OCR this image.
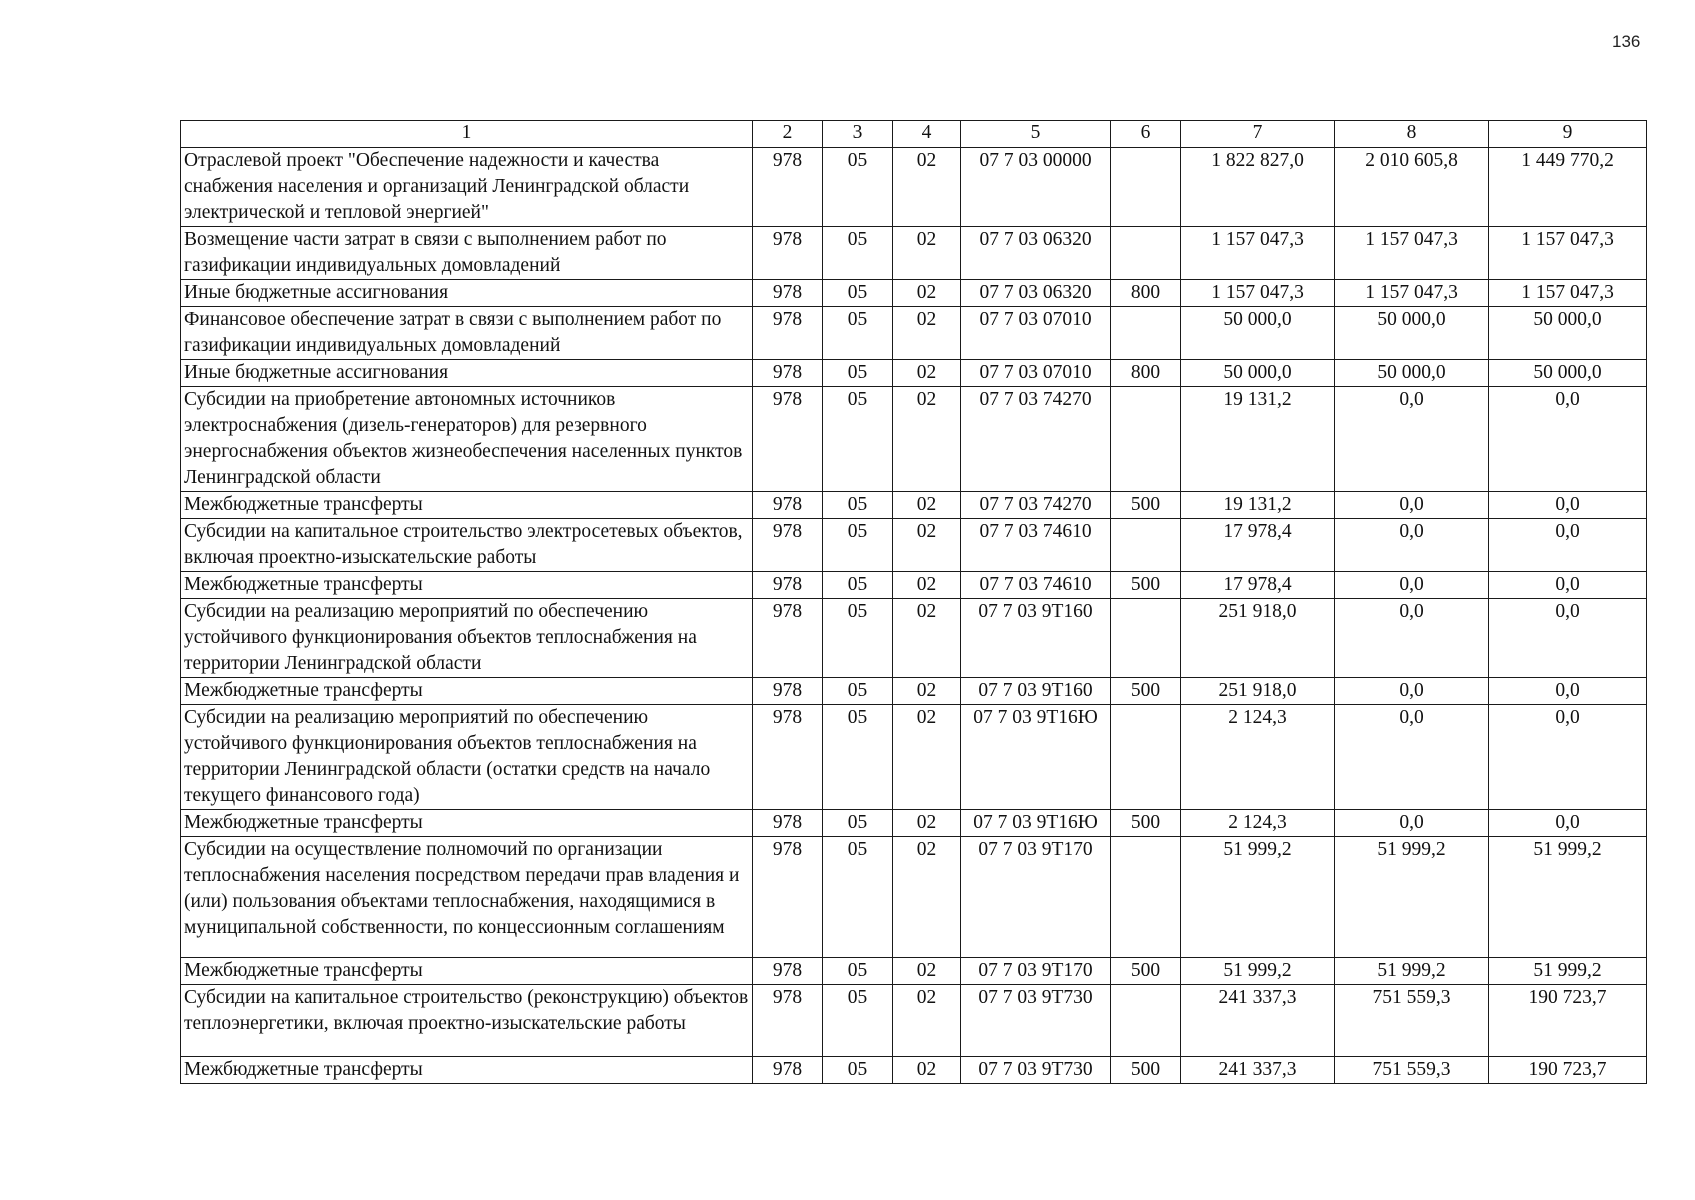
136
1	2	3	4	5	6	7	8	9
Отраслевой проект "Обеспечение надежности и качества снабжения населения и организаций Ленинградской области электрической и тепловой энергией"	978	05	02	07 7 03 00000		1 822 827,0	2 010 605,8	1 449 770,2
Возмещение части затрат в связи с выполнением работ по газификации индивидуальных домовладений	978	05	02	07 7 03 06320		1 157 047,3	1 157 047,3	1 157 047,3
Иные бюджетные ассигнования	978	05	02	07 7 03 06320	800	1 157 047,3	1 157 047,3	1 157 047,3
Финансовое обеспечение затрат в связи с выполнением работ по газификации индивидуальных домовладений	978	05	02	07 7 03 07010		50 000,0	50 000,0	50 000,0
Иные бюджетные ассигнования	978	05	02	07 7 03 07010	800	50 000,0	50 000,0	50 000,0
Субсидии на приобретение автономных источников электроснабжения (дизель-генераторов) для резервного энергоснабжения объектов жизнеобеспечения населенных пунктов Ленинградской области	978	05	02	07 7 03 74270		19 131,2	0,0	0,0
Межбюджетные трансферты	978	05	02	07 7 03 74270	500	19 131,2	0,0	0,0
Субсидии на капитальное строительство электросетевых объектов, включая проектно-изыскательские работы	978	05	02	07 7 03 74610		17 978,4	0,0	0,0
Межбюджетные трансферты	978	05	02	07 7 03 74610	500	17 978,4	0,0	0,0
Субсидии на реализацию мероприятий по обеспечению устойчивого функционирования объектов теплоснабжения на территории Ленинградской области	978	05	02	07 7 03 9Т160		251 918,0	0,0	0,0
Межбюджетные трансферты	978	05	02	07 7 03 9Т160	500	251 918,0	0,0	0,0
Субсидии на реализацию мероприятий по обеспечению устойчивого функционирования объектов теплоснабжения на территории Ленинградской области (остатки средств на начало текущего финансового года)	978	05	02	07 7 03 9Т16Ю		2 124,3	0,0	0,0
Межбюджетные трансферты	978	05	02	07 7 03 9Т16Ю	500	2 124,3	0,0	0,0
Субсидии на осуществление полномочий по организации теплоснабжения населения посредством передачи прав владения и (или) пользования объектами теплоснабжения, находящимися в муниципальной собственности, по концессионным соглашениям	978	05	02	07 7 03 9Т170		51 999,2	51 999,2	51 999,2
Межбюджетные трансферты	978	05	02	07 7 03 9Т170	500	51 999,2	51 999,2	51 999,2
Субсидии на капитальное строительство (реконструкцию) объектов теплоэнергетики, включая проектно-изыскательские работы	978	05	02	07 7 03 9Т730		241 337,3	751 559,3	190 723,7
Межбюджетные трансферты	978	05	02	07 7 03 9Т730	500	241 337,3	751 559,3	190 723,7
